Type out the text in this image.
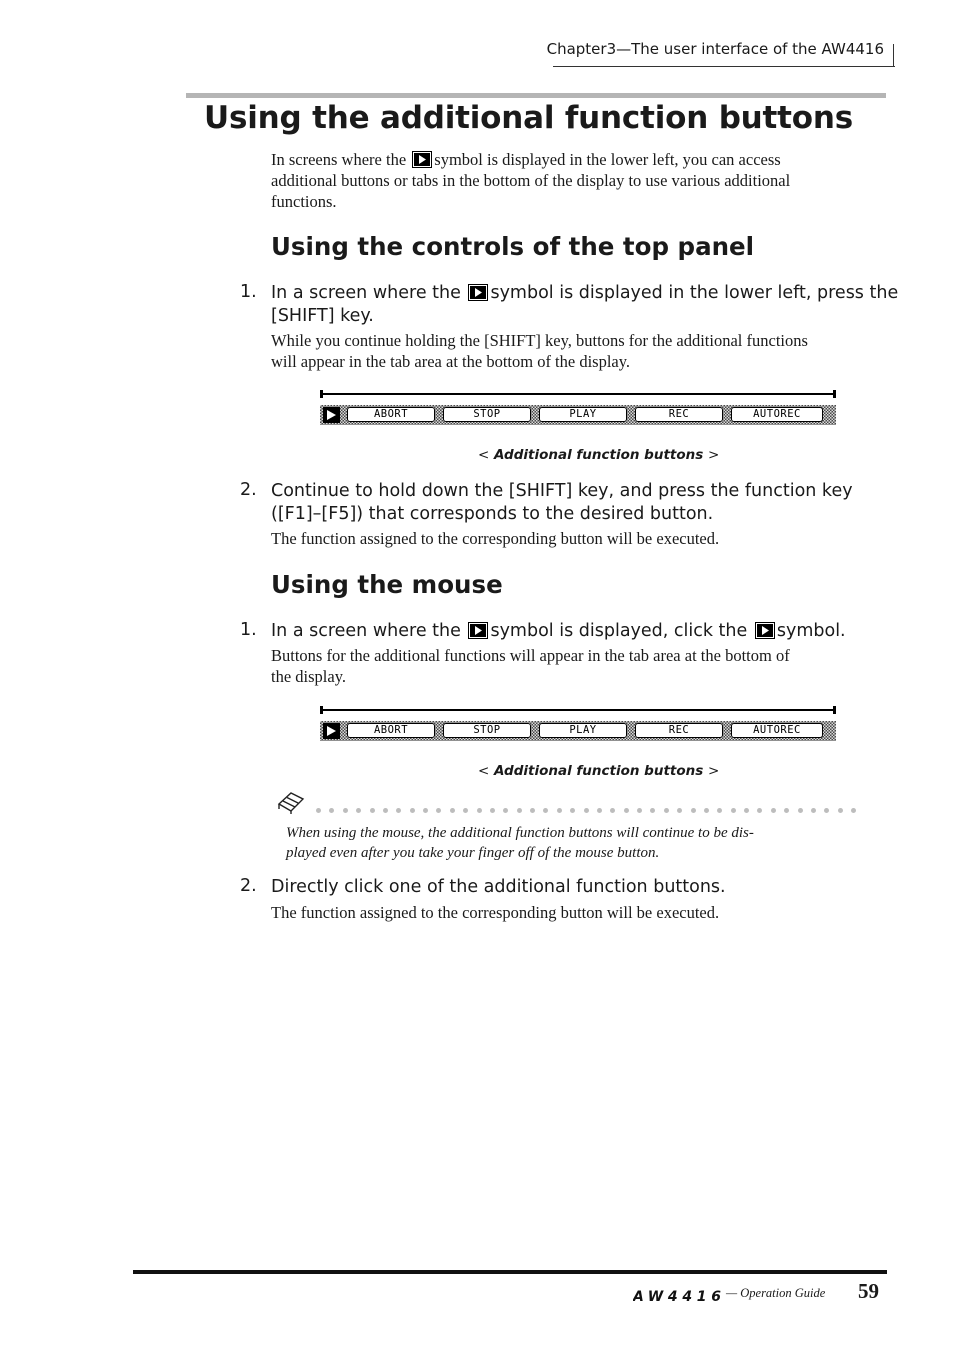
Chapter3—The user interface of the AW4416
Using the additional function buttons
In screens where the symbol is displayed in the lower left, you can access
additional buttons or tabs in the bottom of the display to use various additional
functions.
Using the controls of the top panel
1. In a screen where the symbol is displayed in the lower left, press the
[SHIFT] key.
While you continue holding the [SHIFT] key, buttons for the additional functions
will appear in the tab area at the bottom of the display.
ABORT	STOP	PLAY	REC	AUTOREC
< Additional function buttons >
2. Continue to hold down the [SHIFT] key, and press the function key
([F1]–[F5]) that corresponds to the desired button.
The function assigned to the corresponding button will be executed.
Using the mouse
1. In a screen where the symbol is displayed, click the symbol.
Buttons for the additional functions will appear in the tab area at the bottom of
the display.
ABORT	STOP	PLAY	REC	AUTOREC
< Additional function buttons >
When using the mouse, the additional function buttons will continue to be dis-
played even after you take your finger off of the mouse button.
2. Directly click one of the additional function buttons.
The function assigned to the corresponding button will be executed.
AW4416 — Operation Guide 59
